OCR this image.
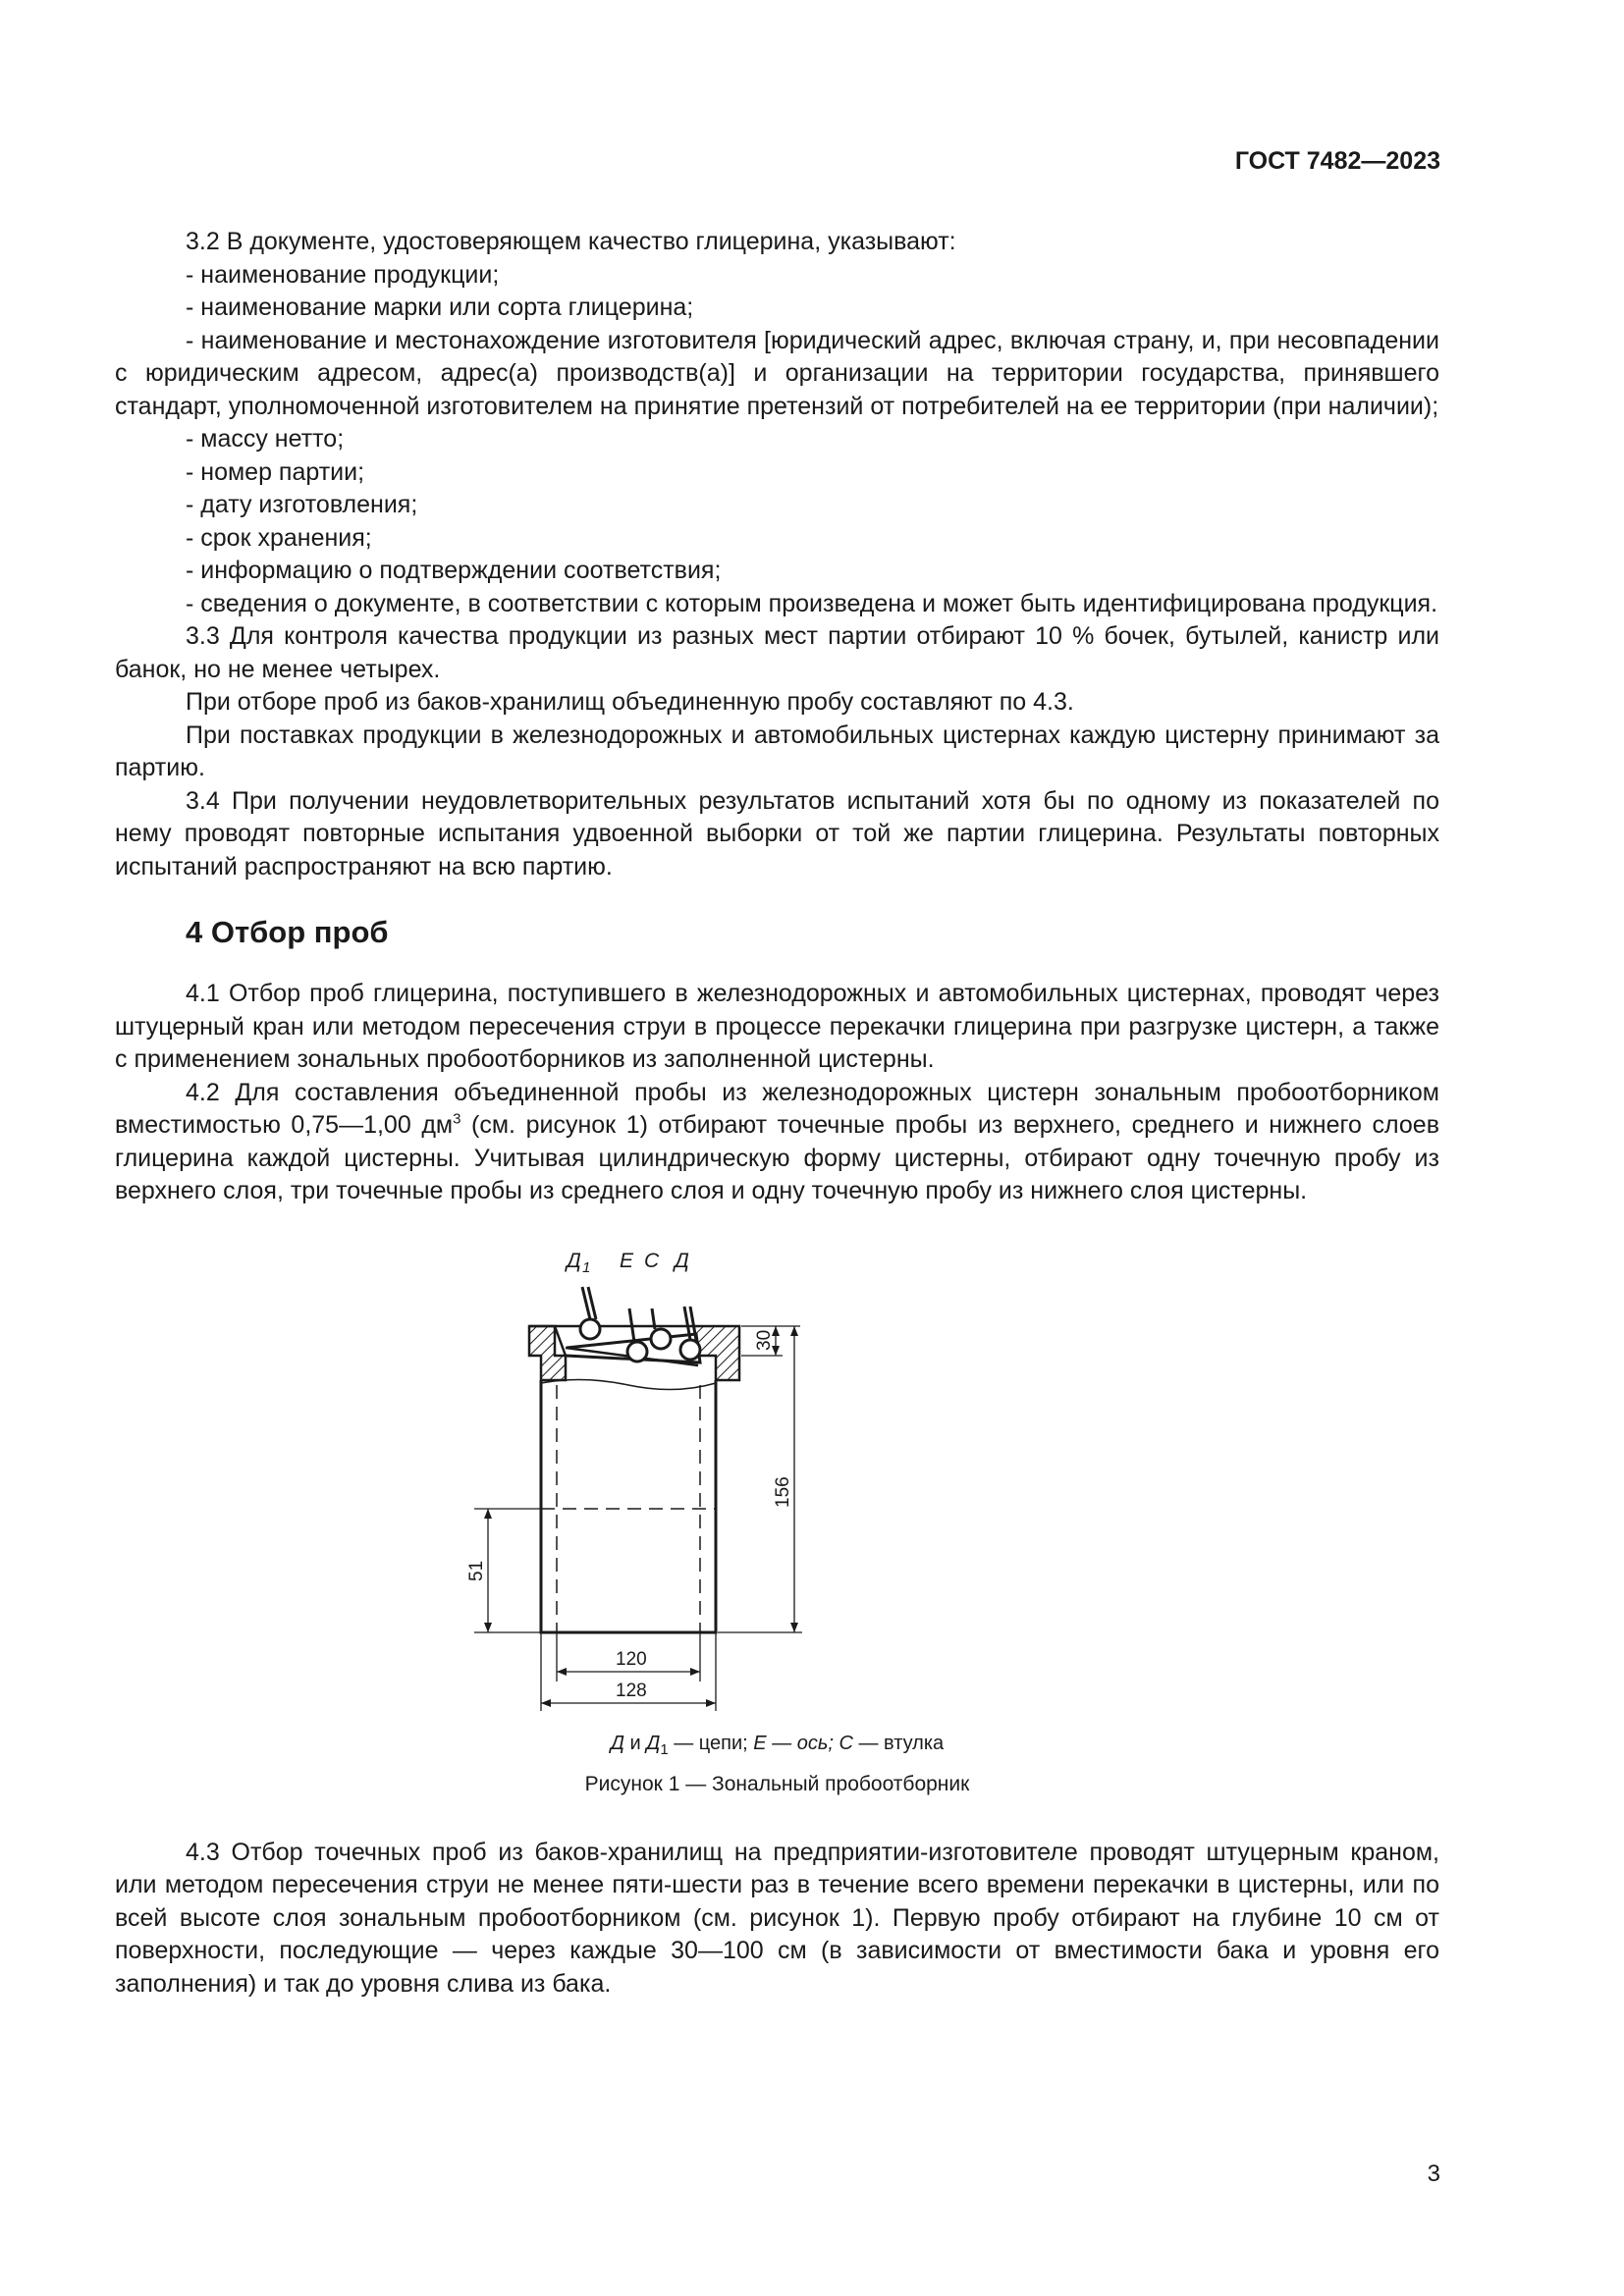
ГОСТ 7482—2023

3.2 В документе, удостоверяющем качество глицерина, указывают:

- наименование продукции;

- наименование марки или сорта глицерина;

- наименование и местонахождение изготовителя [юридический адрес, включая страну, и, при несовпадении с юридическим адресом, адрес(а) производств(а)] и организации на территории государства, принявшего стандарт, уполномоченной изготовителем на принятие претензий от потребителей на ее территории (при наличии);

- массу нетто;

- номер партии;

- дату изготовления;

- срок хранения;

- информацию о подтверждении соответствия;

- сведения о документе, в соответствии с которым произведена и может быть идентифицирована продукция.

3.3 Для контроля качества продукции из разных мест партии отбирают 10 % бочек, бутылей, канистр или банок, но не менее четырех.

При отборе проб из баков-хранилищ объединенную пробу составляют по 4.3.

При поставках продукции в железнодорожных и автомобильных цистернах каждую цистерну принимают за партию.

3.4 При получении неудовлетворительных результатов испытаний хотя бы по одному из показателей по нему проводят повторные испытания удвоенной выборки от той же партии глицерина. Результаты повторных испытаний распространяют на всю партию.

4 Отбор проб

4.1 Отбор проб глицерина, поступившего в железнодорожных и автомобильных цистернах, проводят через штуцерный кран или методом пересечения струи в процессе перекачки глицерина при разгрузке цистерн, а также с применением зональных пробоотборников из заполненной цистерны.

4.2 Для составления объединенной пробы из железнодорожных цистерн зональным пробоотборником вместимостью 0,75—1,00 $дм^3$ (см. рисунок 1) отбирают точечные пробы из верхнего, среднего и нижнего слоев глицерина каждой цистерны. Учитывая цилиндрическую форму цистерны, отбирают одну точечную пробу из верхнего слоя, три точечные пробы из среднего слоя и одну точечную пробу из нижнего слоя цистерны.

Д 1 Е С Д
30
156
51
120
128

Д и $Д_1$ — цепи; Е — ось; С — втулка

Рисунок 1 — Зональный пробоотборник

4.3 Отбор точечных проб из баков-хранилищ на предприятии-изготовителе проводят штуцерным краном, или методом пересечения струи не менее пяти-шести раз в течение всего времени перекачки в цистерны, или по всей высоте слоя зональным пробоотборником (см. рисунок 1). Первую пробу отбирают на глубине 10 см от поверхности, последующие — через каждые 30—100 см (в зависимости от вместимости бака и уровня его заполнения) и так до уровня слива из бака.

3
